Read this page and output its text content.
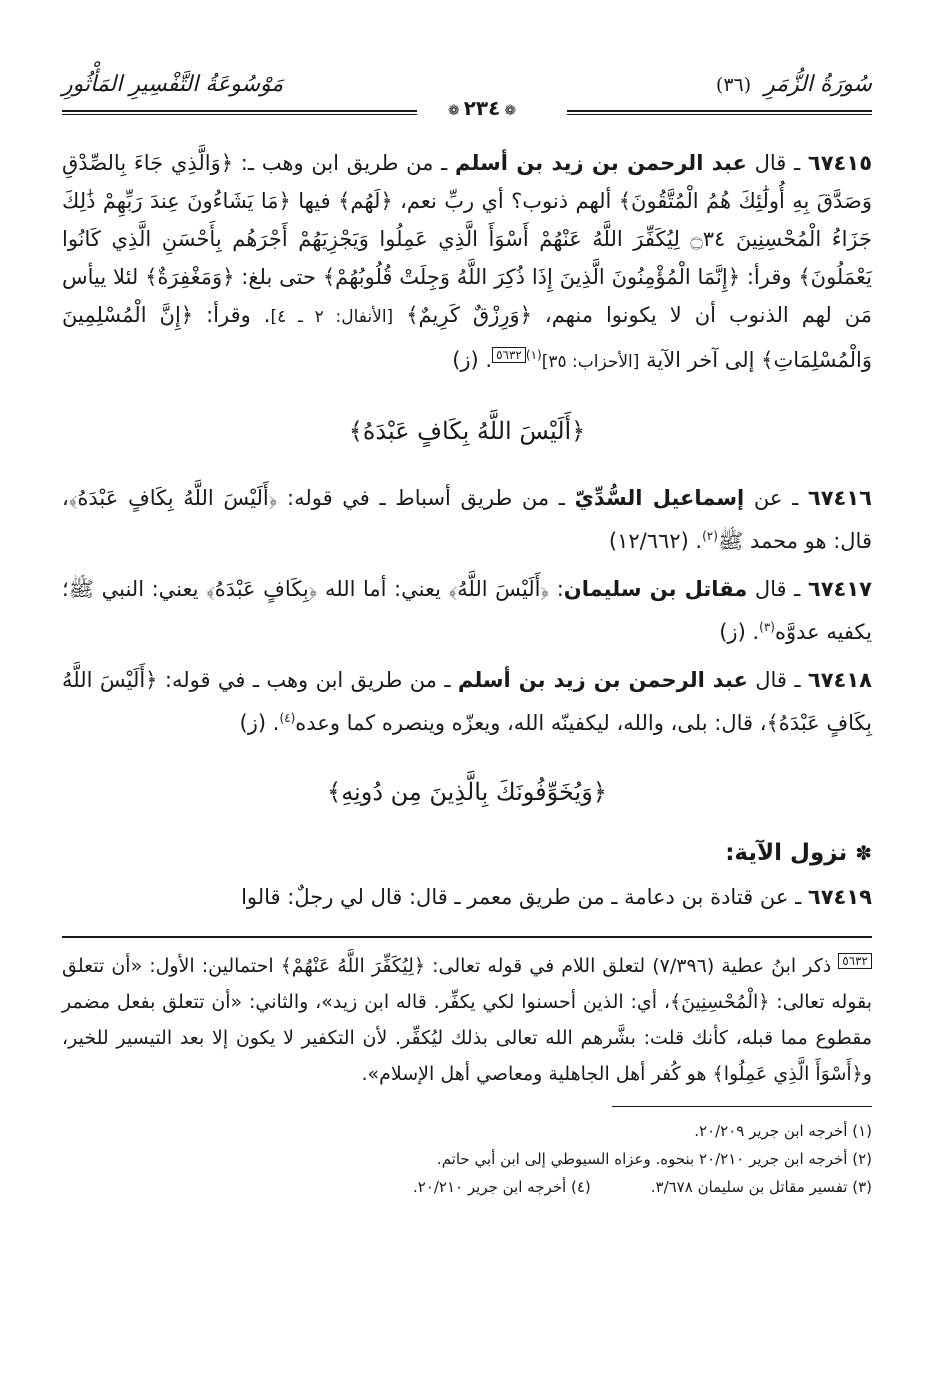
سُورَةُ الزُّمَرِ (٣٦)
مَوْسُوعَةُ التَّفْسِيرِ المَأْثُورِ
❁٢٣٤❁

٦٧٤١٥ ـ قال عبد الرحمن بن زيد بن أسلم ـ من طريق ابن وهب ـ: ﴿وَالَّذِي جَاءَ بِالصِّدْقِ وَصَدَّقَ بِهِ أُولَٰئِكَ هُمُ الْمُتَّقُونَ﴾ ألهم ذنوب؟ أي ربِّ نعم، ﴿لَهُم﴾ فيها ﴿مَا يَشَاءُونَ عِندَ رَبِّهِمْ ذَٰلِكَ جَزَاءُ الْمُحْسِنِينَ ۝٣٤ لِيُكَفِّرَ اللَّهُ عَنْهُمْ أَسْوَأَ الَّذِي عَمِلُوا وَيَجْزِيَهُمْ أَجْرَهُم بِأَحْسَنِ الَّذِي كَانُوا يَعْمَلُونَ﴾ وقرأ: ﴿إِنَّمَا الْمُؤْمِنُونَ الَّذِينَ إِذَا ذُكِرَ اللَّهُ وَجِلَتْ قُلُوبُهُمْ﴾ حتى بلغ: ﴿وَمَغْفِرَةٌ﴾ لئلا ييأس مَن لهم الذنوب أن لا يكونوا منهم، ﴿وَرِزْقٌ كَرِيمٌ﴾ [الأنفال: ٢ ـ ٤]. وقرأ: ﴿إِنَّ الْمُسْلِمِينَ وَالْمُسْلِمَاتِ﴾ إلى آخر الآية [الأحزاب: ٣٥]$^{(١)}$٥٦٣٢. (ز)

﴿أَلَيْسَ اللَّهُ بِكَافٍ عَبْدَهُ﴾

٦٧٤١٦ ـ عن إسماعيل السُّدِّيّ ـ من طريق أسباط ـ في قوله: ﴿أَلَيْسَ اللَّهُ بِكَافٍ عَبْدَهُ﴾، قال: هو محمد ﷺ$^{(٢)}$. (١٢/٦٦٢)

٦٧٤١٧ ـ قال مقاتل بن سليمان: ﴿أَلَيْسَ اللَّهُ﴾ يعني: أما الله ﴿بِكَافٍ عَبْدَهُ﴾ يعني: النبي ﷺ؛ يكفيه عدوَّه$^{(٣)}$. (ز)

٦٧٤١٨ ـ قال عبد الرحمن بن زيد بن أسلم ـ من طريق ابن وهب ـ في قوله: ﴿أَلَيْسَ اللَّهُ بِكَافٍ عَبْدَهُ﴾، قال: بلى، والله، ليكفينّه الله، ويعزّه وينصره كما وعده$^{(٤)}$. (ز)

﴿وَيُخَوِّفُونَكَ بِالَّذِينَ مِن دُونِهِ﴾
✽نزول الآية:

٦٧٤١٩ ـ عن قتادة بن دعامة ـ من طريق معمر ـ قال: قال لي رجلٌ: قالوا

٥٦٣٢ ذكر ابنُ عطية (٧/٣٩٦) لتعلق اللام في قوله تعالى: ﴿لِيُكَفِّرَ اللَّهُ عَنْهُمْ﴾ احتمالين: الأول: «أن تتعلق بقوله تعالى: ﴿الْمُحْسِنِينَ﴾، أي: الذين أحسنوا لكي يكفِّر. قاله ابن زيد»، والثاني: «أن تتعلق بفعل مضمر مقطوع مما قبله، كأنك قلت: بشَّرهم الله تعالى بذلك ليُكفِّر. لأن التكفير لا يكون إلا بعد التيسير للخير، و﴿أَسْوَأَ الَّذِي عَمِلُوا﴾ هو كُفر أهل الجاهلية ومعاصي أهل الإسلام».

(١) أخرجه ابن جرير ٢٠/٢٠٩.
(٢) أخرجه ابن جرير ٢٠/٢١٠ بنحوه. وعزاه السيوطي إلى ابن أبي حاتم.
(٣) تفسير مقاتل بن سليمان ٣/٦٧٨.
(٤) أخرجه ابن جرير ٢٠/٢١٠.
